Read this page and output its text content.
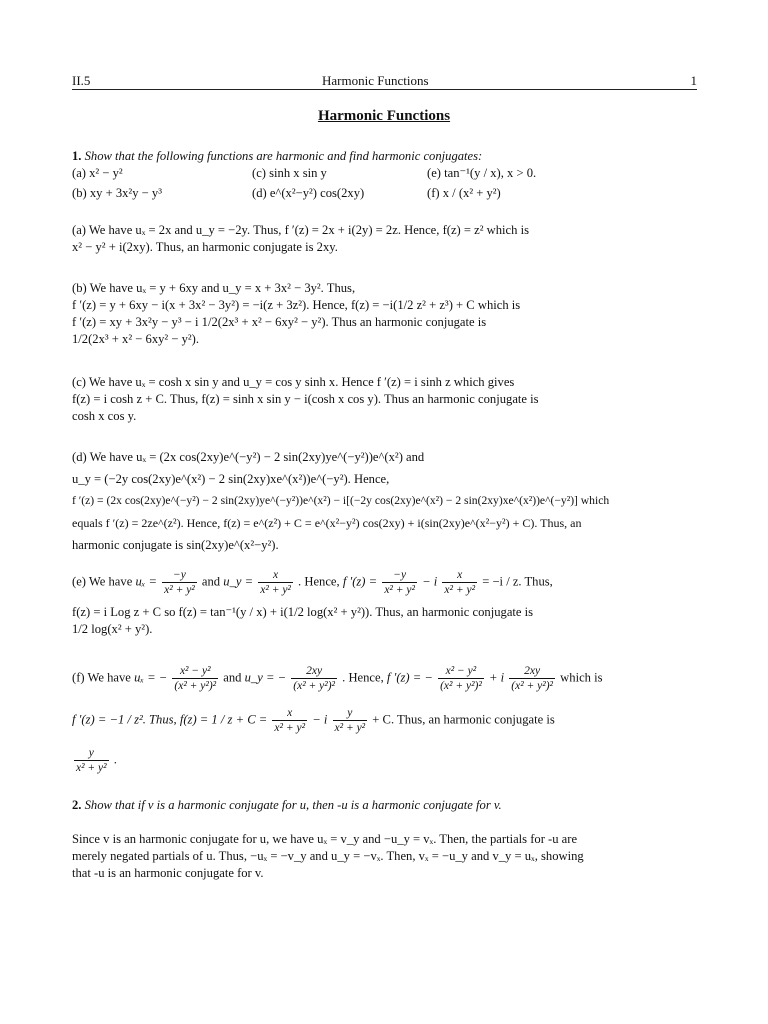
II.5	Harmonic Functions	1
Harmonic Functions
1. Show that the following functions are harmonic and find harmonic conjugates:
(a) x² − y²	(c) sinh x sin y	(e) tan⁻¹(y / x), x > 0.
(b) xy + 3x²y − y³	(d) e^(x²−y²) cos(2xy)	(f) x / (x² + y²)
(a) We have uₓ = 2x and u_y = −2y. Thus, f ′(z) = 2x + i(2y) = 2z. Hence, f(z) = z² which is
x² − y² + i(2xy). Thus, an harmonic conjugate is 2xy.
(b) We have uₓ = y + 6xy and u_y = x + 3x² − 3y². Thus,
f ′(z) = y + 6xy − i(x + 3x² − 3y²) = −i(z + 3z²). Hence, f(z) = −i(1/2 z² + z³) + C which is
f ′(z) = xy + 3x²y − y³ − i 1/2(2x³ + x² − 6xy² − y²). Thus an harmonic conjugate is
1/2(2x³ + x² − 6xy² − y²).
(c) We have uₓ = cosh x sin y and u_y = cos y sinh x. Hence f ′(z) = i sinh z which gives
f(z) = i cosh z + C. Thus, f(z) = sinh x sin y − i(cosh x cos y). Thus an harmonic conjugate is
cosh x cos y.
(d) We have uₓ = (2x cos(2xy)e^(−y²) − 2 sin(2xy)ye^(−y²))e^(x²) and
u_y = (−2y cos(2xy)e^(x²) − 2 sin(2xy)xe^(x²))e^(−y²). Hence,
f ′(z) = (2x cos(2xy)e^(−y²) − 2 sin(2xy)ye^(−y²))e^(x²) − i[(−2y cos(2xy)e^(x²) − 2 sin(2xy)xe^(x²))e^(−y²)] which
equals f ′(z) = 2ze^(z²). Hence, f(z) = e^(z²) + C = e^(x²−y²) cos(2xy) + i(sin(2xy)e^(x²−y²) + C). Thus, an
harmonic conjugate is sin(2xy)e^(x²−y²).
(e) We have $u_x = \frac{-y}{\text{x² + y²}}$ and u_y = $\frac{x}{\text{x² + y²}}$ . Hence, f $'(z) = \frac{-y}{\text{x² + y²}} - i \frac{x}{\text{x² + y²}} = -i / z$. Thus,
f(z) = i Log z + C so f(z) = tan⁻¹(y / x) + i(1/2 log(x² + y²)). Thus, an harmonic conjugate is
1/2 log(x² + y²).
(f) We have uₓ = − $\frac{\text{x² − y²}}{\text{(x² + y²)²}}$ and u_y = − $\frac{2xy}{\text{(x² + y²)²}}$ . Hence, f ′(z) = − $\frac{\text{x² − y²}}{\text{(x² + y²)²}} + i \frac{2xy}{\text{(x² + y²)²}}$ which is
f ′(z) = −1 / z². Thus, $f(z) = 1 / z + C = \frac{x}{\text{x² + y²}} - i \frac{y}{\text{x² + y²}} + C$. Thus, an harmonic conjugate is
$\frac{y}{\text{x² + y²}}$ .
2. Show that if v is a harmonic conjugate for u, then -u is a harmonic conjugate for v.
Since v is an harmonic conjugate for u, we have uₓ = v_y and −u_y = vₓ. Then, the partials for -u are
merely negated partials of u. Thus, −uₓ = −v_y and u_y = −vₓ. Then, vₓ = −u_y and v_y = uₓ, showing
that -u is an harmonic conjugate for v.
